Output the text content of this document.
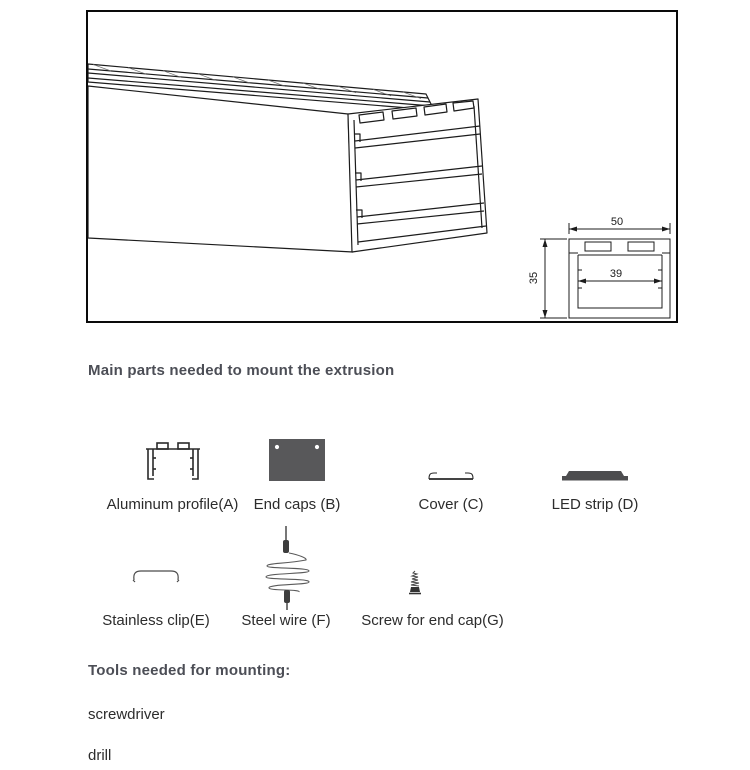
50
35	39
Main parts needed to mount the extrusion
Aluminum profile(A) End caps (B)	Cover (C)	LED strip (D)
Stainless clip(E) Steel wire (F) Screw for end cap(G)
Tools needed for mounting:
screwdriver
drill
